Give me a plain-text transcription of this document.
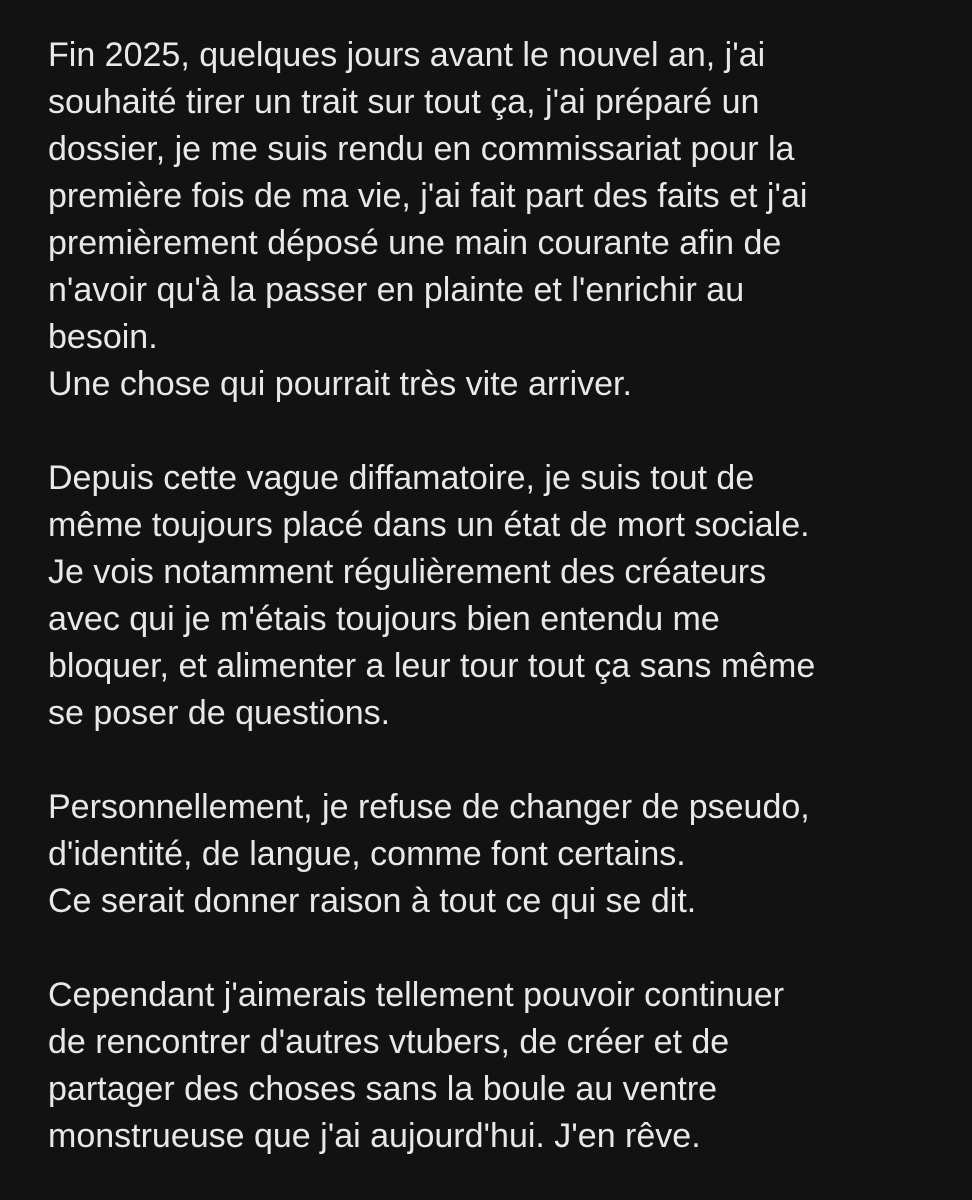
Fin 2025, quelques jours avant le nouvel an, j'ai
souhaité tirer un trait sur tout ça, j'ai préparé un
dossier, je me suis rendu en commissariat pour la
première fois de ma vie, j'ai fait part des faits et j'ai
premièrement déposé une main courante afin de
n'avoir qu'à la passer en plainte et l'enrichir au
besoin.
Une chose qui pourrait très vite arriver.

Depuis cette vague diffamatoire, je suis tout de
même toujours placé dans un état de mort sociale.
Je vois notamment régulièrement des créateurs
avec qui je m'étais toujours bien entendu me
bloquer, et alimenter a leur tour tout ça sans même
se poser de questions.

Personnellement, je refuse de changer de pseudo,
d'identité, de langue, comme font certains.
Ce serait donner raison à tout ce qui se dit.

Cependant j'aimerais tellement pouvoir continuer
de rencontrer d'autres vtubers, de créer et de
partager des choses sans la boule au ventre
monstrueuse que j'ai aujourd'hui. J'en rêve.
